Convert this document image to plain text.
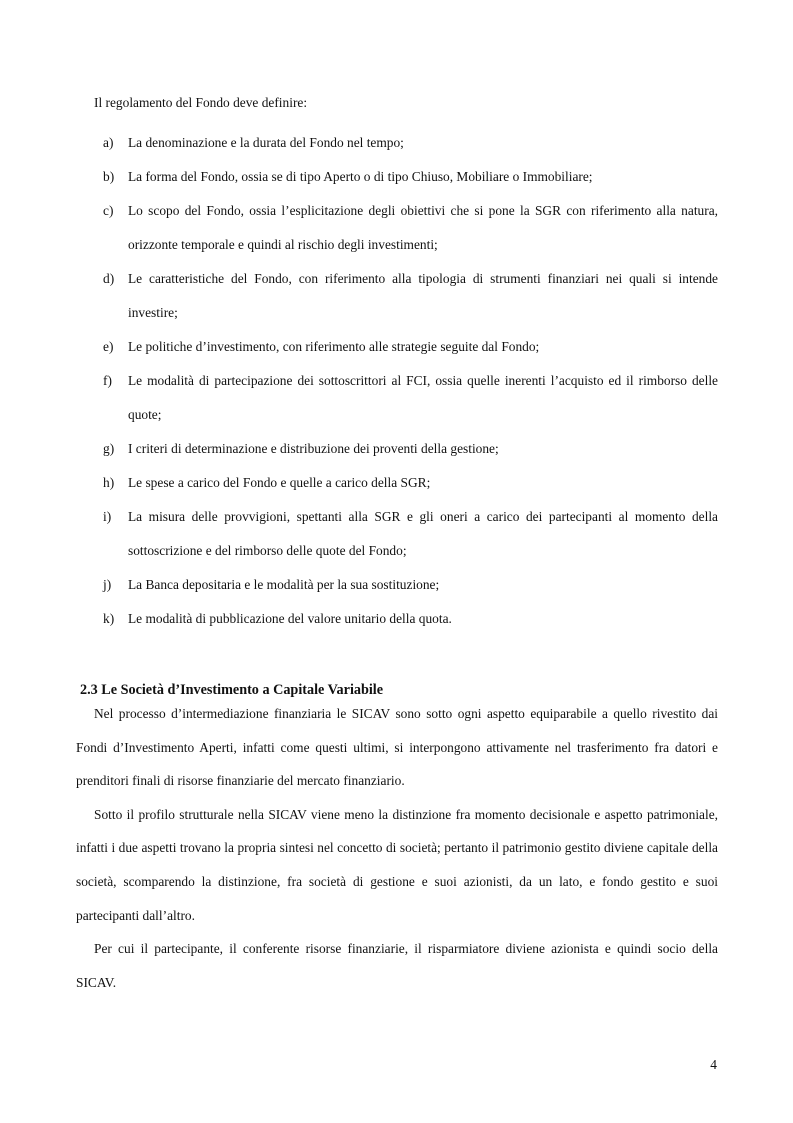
Il regolamento del Fondo deve definire:
a)	La denominazione e la durata del Fondo nel tempo;
b)	La forma del Fondo, ossia se di tipo Aperto o di tipo Chiuso, Mobiliare o Immobiliare;
c)	Lo scopo del Fondo, ossia l’esplicitazione degli obiettivi che si pone la SGR con riferimento alla natura, orizzonte temporale e quindi al rischio degli investimenti;
d)	Le caratteristiche del Fondo, con riferimento alla tipologia di strumenti finanziari nei quali si intende investire;
e)	Le politiche d’investimento, con riferimento alle strategie seguite dal Fondo;
f)	Le modalità di partecipazione dei sottoscrittori al FCI, ossia quelle inerenti l’acquisto ed il rimborso delle quote;
g)	I criteri di determinazione e distribuzione dei proventi della gestione;
h)	Le spese a carico del Fondo e quelle a carico della SGR;
i)	La misura delle provvigioni, spettanti alla SGR e gli oneri a carico dei partecipanti al momento della sottoscrizione e del rimborso delle quote del Fondo;
j)	La Banca depositaria e le modalità per la sua sostituzione;
k)	Le modalità di pubblicazione del valore unitario della quota.
2.3 Le Società d’Investimento a Capitale Variabile

Nel processo d’intermediazione finanziaria le SICAV sono sotto ogni aspetto equiparabile a quello rivestito dai Fondi d’Investimento Aperti, infatti come questi ultimi, si interpongono attivamente nel trasferimento fra datori e prenditori finali di risorse finanziarie del mercato finanziario.

Sotto il profilo strutturale nella SICAV viene meno la distinzione fra momento decisionale e aspetto patrimoniale, infatti i due aspetti trovano la propria sintesi nel concetto di società; pertanto il patrimonio gestito diviene capitale della società, scomparendo la distinzione, fra società di gestione e suoi azionisti, da un lato, e fondo gestito e suoi partecipanti dall’altro.

Per cui il partecipante, il conferente risorse finanziarie, il risparmiatore diviene azionista e quindi socio della SICAV.

4
